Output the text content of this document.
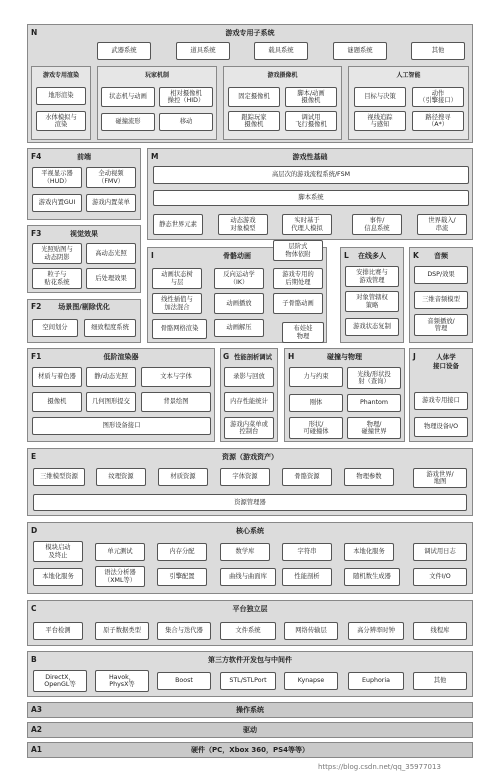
N	游戏专用子系统
武器系统	道具系统	载具系统	谜题系统	其他
游戏专用渲染
地形渲染
水体模拟与
渲染
玩家机制
状态机与动画
相对摄像机
操控（HID）
碰撞流形	移动
游戏摄像机
固定摄像机
脚本/动画
摄像机
跟踪玩家
摄像机
调试用
飞行摄像机
人工智能
目标与决策
动作
（引擎接口）
视线追踪
与感知
路径搜寻
（A*）
F4	前端
平视显示器
（HUD）
全动视频
（FMV）
游戏内置GUI	游戏内置菜单
M	游戏性基础
高层次的游戏流程系统/FSM
脚本系统
静态世界元素
动态游戏
对象模型
实时基于
代理人模拟
事件/
信息系统
世界载入/
串流
F3	视觉效果
光照贴图与
动态阴影
高动态光照
粒子与
贴花系统
后处理效果
I	骨骼动画
动画状态树
与层
反向运动学
（IK）
游戏专用的
后期处理
线性插值与
加法混合
动画播放	子骨骼动画
骨骼网格渲染	动画解压
层阶式
物体依附
布娃娃
物理
L	在线多人
安排比赛与
游戏管理
对象管辖权
策略
游戏状态复制
K	音频
DSP/效果
三维音频模型
音频播放/
管理
F2	场景图/剔除优化
空间划分	细致程度系统
F1	低阶渲染器
材质与着色器	静/动态光照	文本与字体
摄像机	几何图形提交	背景绘图
图形设备接口
G 性能剖析调试
录影与回放
内存性能统计
游戏内菜单或
控制台
H	碰撞与物理
力与约束	光线/形状投
射（查询）
刚体	Phantom
形状/
可碰撞体
物理/
碰撞世界
J	人体学
接口设备
游戏专用接口
物理设备I/O
E	资源（游戏资产）
三维模型资源	纹理资源	材质资源	字体资源	骨骼资源	物理参数	游戏世界/
地图
资源管理器
D	核心系统
模块启动
及终止	单元测试	内存分配	数学库	字符串	本地化服务	调试用日志
本地化服务
语法分析器
（XML等）	引擎配置	曲线与曲面库	性能剖析	随机数生成器	文件I/O
C	平台独立层
平台检测	原子数据类型	集合与迭代器	文件系统	网络传输层	高分辨率时钟	线程库
B	第三方软件开发包与中间件
DirectX，
OpenGL等
Havok，
PhysX等
Boost	STL/STLPort	Kynapse	Euphoria	其他
A3	操作系统
A2	驱动
A1	硬件（PC，Xbox 360，PS4等等）
https://blog.csdn.net/qq_35977013
